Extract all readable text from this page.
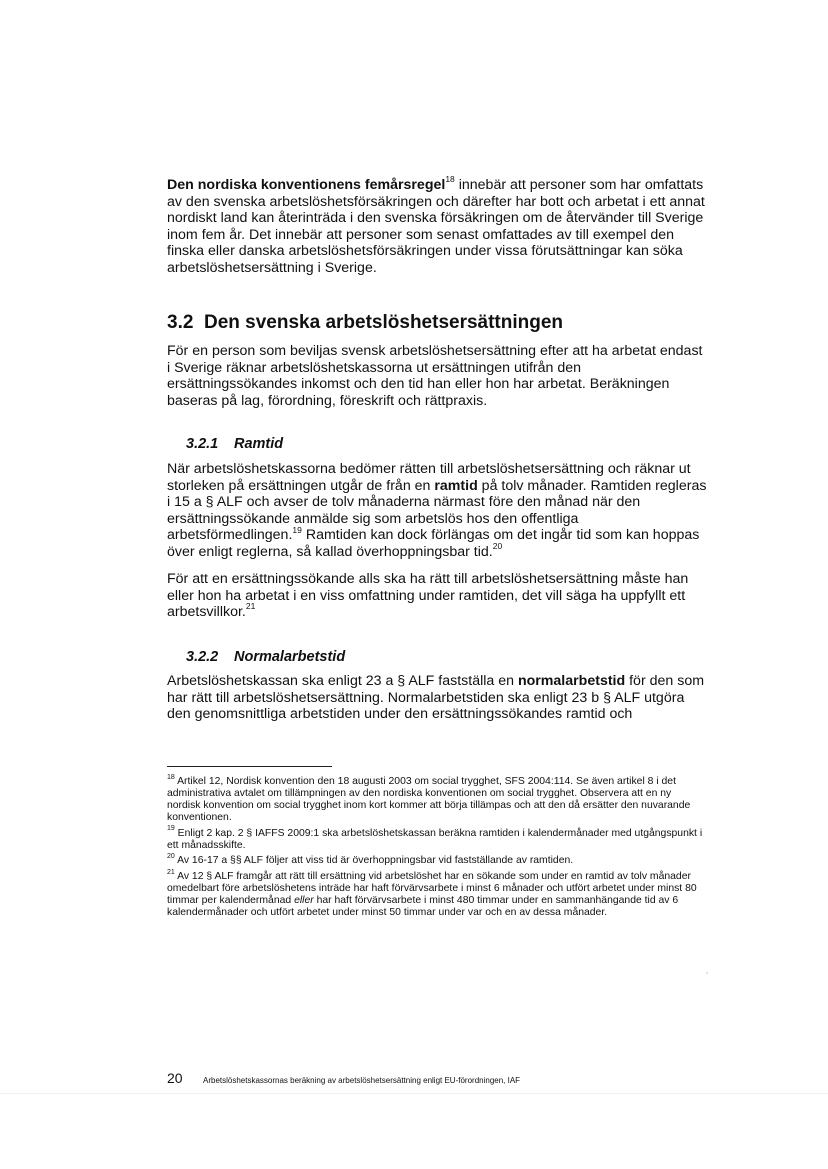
Den nordiska konventionens femårsregel$^{18}$ innebär att personer som har omfattats av den svenska arbetslöshetsförsäkringen och därefter har bott och arbetat i ett annat nordiskt land kan återinträda i den svenska försäkringen om de återvänder till Sverige inom fem år. Det innebär att personer som senast omfattades av till exempel den finska eller danska arbetslöshetsförsäkringen under vissa förutsättningar kan söka arbetslöshetsersättning i Sverige.

3.2 Den svenska arbetslöshetsersättningen

För en person som beviljas svensk arbetslöshetsersättning efter att ha arbetat endast i Sverige räknar arbetslöshetskassorna ut ersättningen utifrån den ersättningssökandes inkomst och den tid han eller hon har arbetat. Beräkningen baseras på lag, förordning, föreskrift och rättpraxis.

3.2.1 Ramtid

När arbetslöshetskassorna bedömer rätten till arbetslöshetsersättning och räknar ut storleken på ersättningen utgår de från en ramtid på tolv månader. Ramtiden regleras i 15 a § ALF och avser de tolv månaderna närmast före den månad när den ersättningssökande anmälde sig som arbetslös hos den offentliga arbetsförmedlingen.$^{19}$ Ramtiden kan dock förlängas om det ingår tid som kan hoppas över enligt reglerna, så kallad överhoppningsbar tid.$^{20}$

För att en ersättningssökande alls ska ha rätt till arbetslöshetsersättning måste han eller hon ha arbetat i en viss omfattning under ramtiden, det vill säga ha uppfyllt ett arbetsvillkor.$^{21}$

3.2.2 Normalarbetstid

Arbetslöshetskassan ska enligt 23 a § ALF fastställa en normalarbetstid för den som har rätt till arbetslöshetsersättning. Normalarbetstiden ska enligt 23 b § ALF utgöra den genomsnittliga arbetstiden under den ersättningssökandes ramtid och

$^{18}$ Artikel 12, Nordisk konvention den 18 augusti 2003 om social trygghet, SFS 2004:114. Se även artikel 8 i det administrativa avtalet om tillämpningen av den nordiska konventionen om social trygghet. Observera att en ny nordisk konvention om social trygghet inom kort kommer att börja tillämpas och att den då ersätter den nuvarande konventionen.

$^{19}$ Enligt 2 kap. 2 § IAFFS 2009:1 ska arbetslöshetskassan beräkna ramtiden i kalendermånader med utgångspunkt i ett månadsskifte.

$^{20}$ Av 16-17 a §§ ALF följer att viss tid är överhoppningsbar vid fastställande av ramtiden.

$^{21}$ Av 12 § ALF framgår att rätt till ersättning vid arbetslöshet har en sökande som under en ramtid av tolv månader omedelbart före arbetslöshetens inträde har haft förvärvsarbete i minst 6 månader och utfört arbetet under minst 80 timmar per kalendermånad eller har haft förvärvsarbete i minst 480 timmar under en sammanhängande tid av 6 kalendermånader och utfört arbetet under minst 50 timmar under var och en av dessa månader.

20	Arbetslöshetskassornas beräkning av arbetslöshetsersättning enligt EU-förordningen, IAF
